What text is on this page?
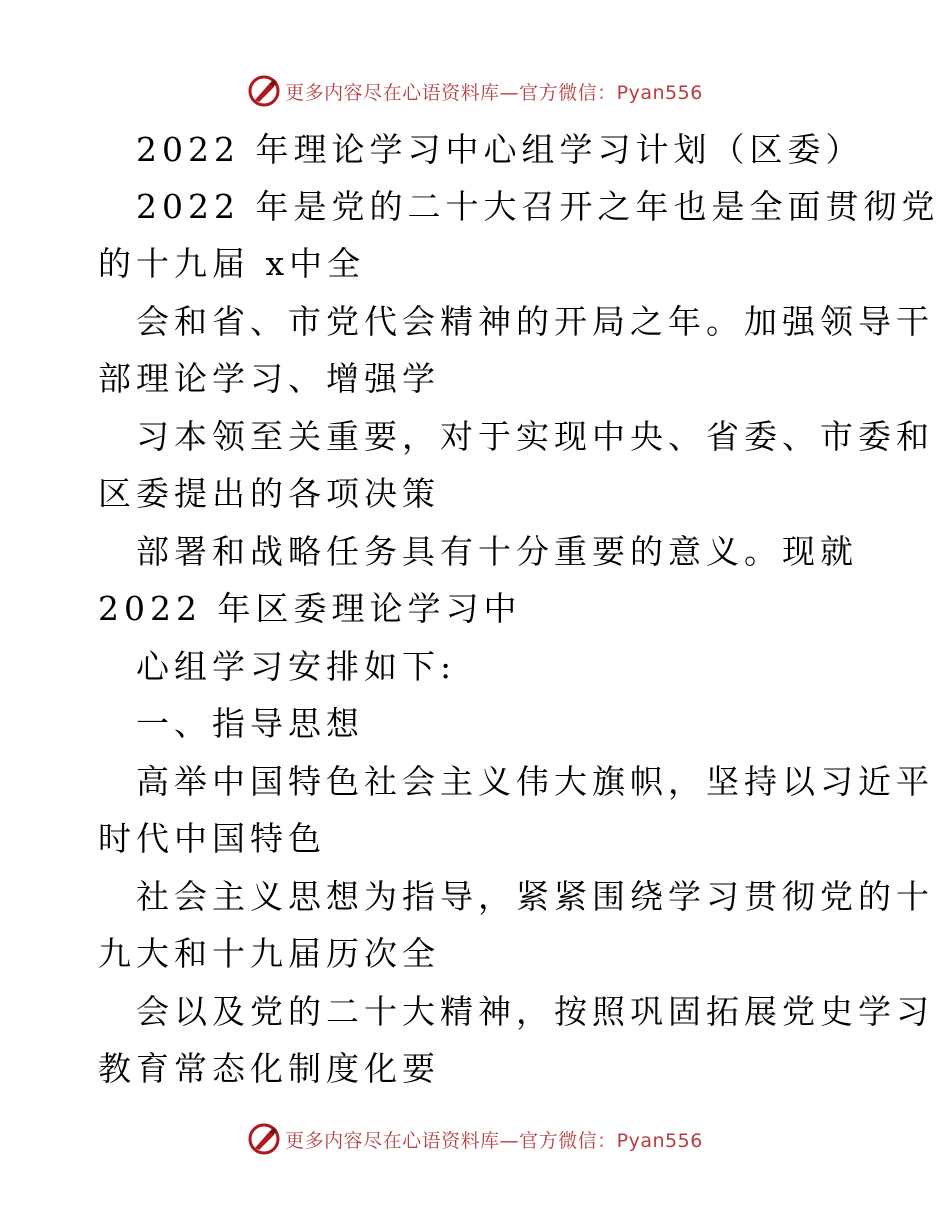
更多内容尽在心语资料库—官方微信：Pyan556
2022 年理论学习中心组学习计划（区委）
2022 年是党的二十大召开之年也是全面贯彻党
的十九届 x中全
会和省、市党代会精神的开局之年。加强领导干
部理论学习、增强学
习本领至关重要，对于实现中央、省委、市委和
区委提出的各项决策
部署和战略任务具有十分重要的意义。现就
2022 年区委理论学习中
心组学习安排如下:
一、指导思想
高举中国特色社会主义伟大旗帜，坚持以习近平
时代中国特色
社会主义思想为指导，紧紧围绕学习贯彻党的十
九大和十九届历次全
会以及党的二十大精神，按照巩固拓展党史学习
教育常态化制度化要
更多内容尽在心语资料库—官方微信：Pyan556
